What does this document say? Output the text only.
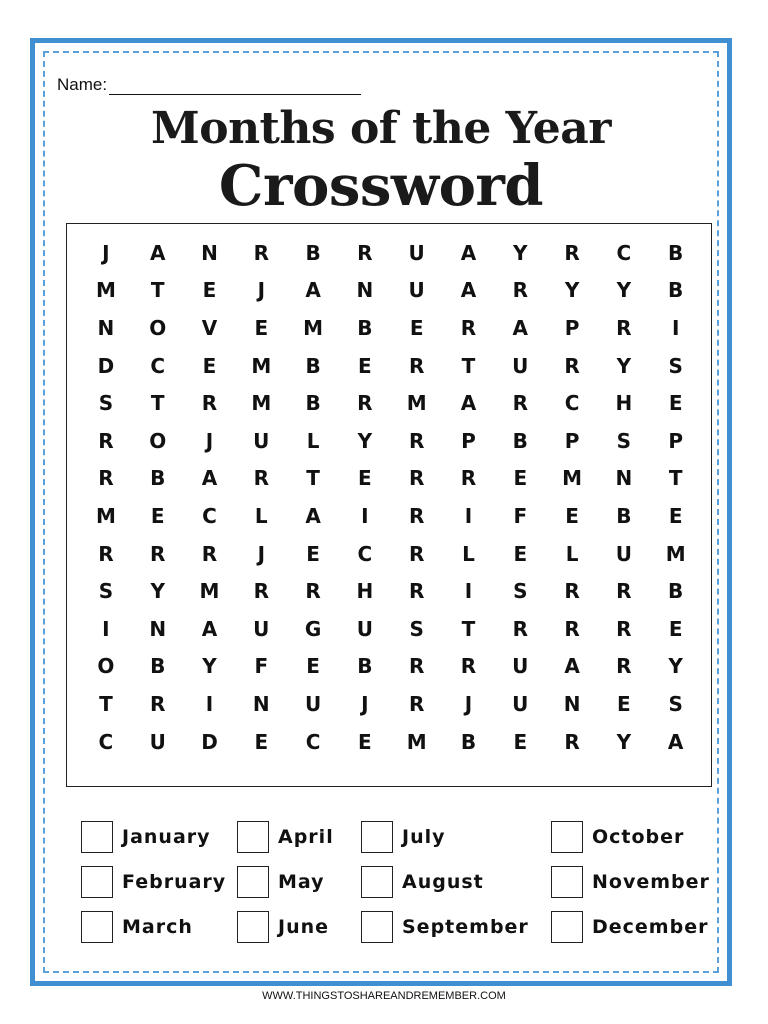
Name:
Months of the Year
Crossword
J	A	N	R	B	R	U	A	Y	R	C	B
M	T	E	J	A	N	U	A	R	Y	Y	B
N	O	V	E	M	B	E	R	A	P	R	I
D	C	E	M	B	E	R	T	U	R	Y	S
S	T	R	M	B	R	M	A	R	C	H	E
R	O	J	U	L	Y	R	P	B	P	S	P
R	B	A	R	T	E	R	R	E	M	N	T
M	E	C	L	A	I	R	I	F	E	B	E
R	R	R	J	E	C	R	L	E	L	U	M
S	Y	M	R	R	H	R	I	S	R	R	B
I	N	A	U	G	U	S	T	R	R	R	E
O	B	Y	F	E	B	R	R	U	A	R	Y
T	R	I	N	U	J	R	J	U	N	E	S
C	U	D	E	C	E	M	B	E	R	Y	A
January
February
March
April
May
June
July
August
September
October
November
December
WWW.THINGSTOSHAREANDREMEMBER.COM
